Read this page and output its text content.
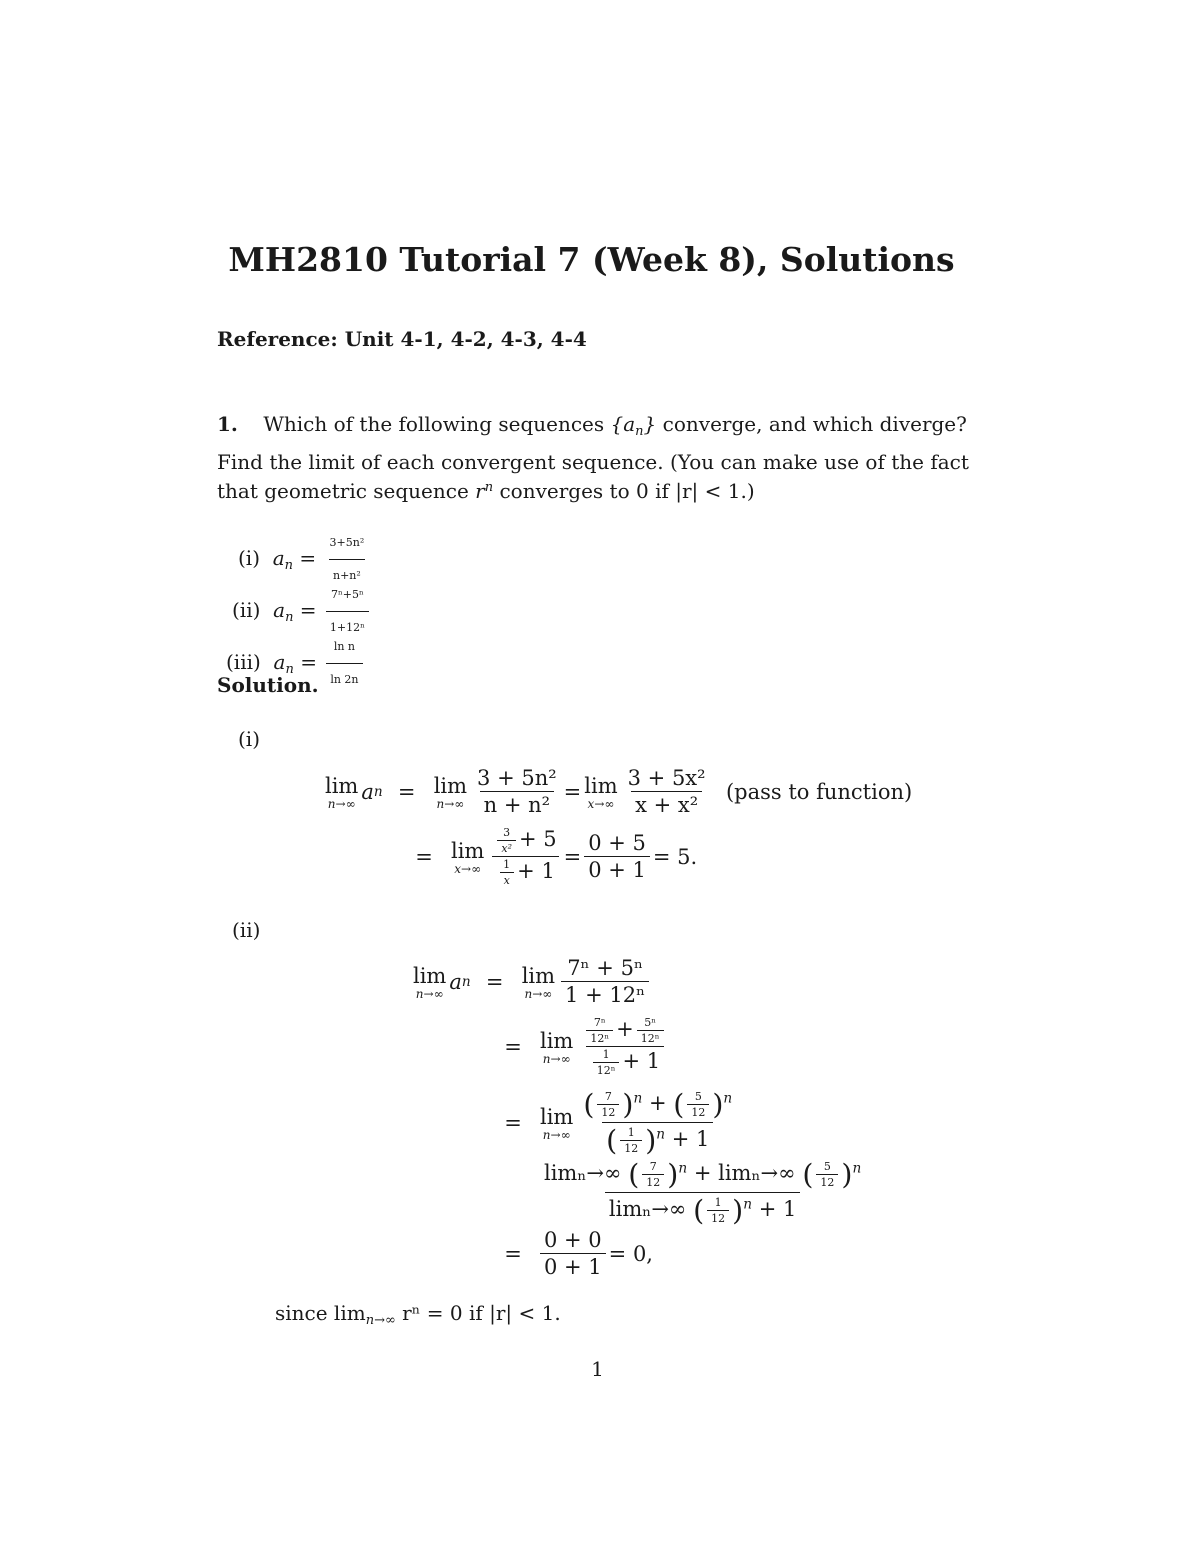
MH2810 Tutorial 7 (Week 8), Solutions
Reference: Unit 4-1, 4-2, 4-3, 4-4
1. Which of the following sequences $\{a_n\}$ converge, and which diverge?
Find the limit of each convergent sequence. (You can make use of the fact
that geometric sequence $r^n$ converges to 0 if |r| < 1.)
(i) $a_n = \frac{\text{3+5n²}}{\text{n+n²}}$
(ii) $a_n = \frac{\text{7ⁿ+5ⁿ}}{\text{1+12ⁿ}}$
(iii) $a_n = \frac{\text{ln n}}{\ln 2n}$
Solution.
(i)
lim
n→∞ a n = lim
$n\to\infty \frac{\text{3 + 5n²}}{\text{n + n²}} = \lim$
$x\to\infty \frac{\text{3 + 5x²}}{\text{x + x²}}$
(pass to function)
= lim
$x\to\infty \frac{\frac{3}{\text{x²}} + 5}{\frac{1}{x} + 1} = \frac{0 + 5}{0 + 1} = 5$.
(ii)
lim
n→∞ a n = lim
$n\to\infty \frac{\text{7ⁿ + 5ⁿ}}{\text{1 + 12ⁿ}}$
= lim
$n\to\infty \frac{\frac{\text{7ⁿ}}{\text{12ⁿ}} + \frac{\text{5ⁿ}}{\text{12ⁿ}}}{\frac{1}{\text{12ⁿ}} + 1}$
= lim
$n\to\infty \frac{( \frac{7}{12} )^n + ( \frac{5}{12} )^n}{( \frac{1}{12} )^n + 1}$
$\frac{\lim_n\to\infty ( \frac{7}{12} )^n + \lim_n\to\infty ( \frac{5}{12} )^n}{\lim_n\to\infty ( \frac{1}{12} )^n + 1}$
= $\frac{0 + 0}{0 + 1} = 0$,
since $\lim_{n\to\infty} r^n = 0$ if |r| < 1.
1
